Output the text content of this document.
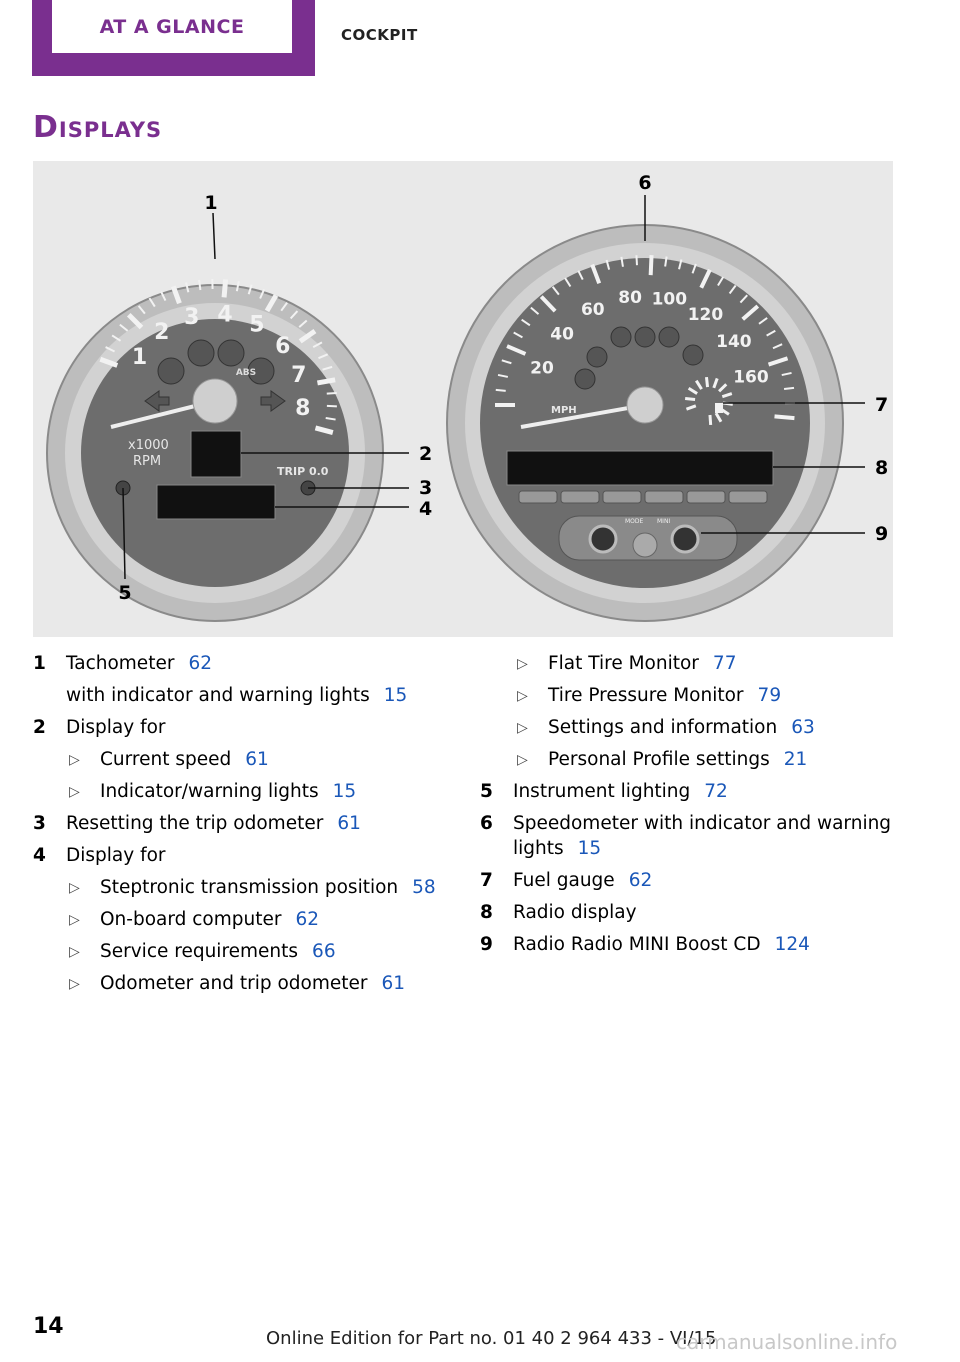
AT A GLANCE	COCKPIT
Displays
1
2
3 4 5
6
7
8
ABS
x1000
RPM
TRIP 0.0
20
40
60
80 100
120
140
160
MPH
MODE MINI
1
2
3
4
5
6
7
8
9
1 Tachometer 62
with indicator and warning lights 15
2 Display for
▷ Current speed 61
▷ Indicator/warning lights 15
3 Resetting the trip odometer 61
4 Display for
▷ Steptronic transmission position 58
▷ On-board computer 62
▷ Service requirements 66
▷ Odometer and trip odometer 61
▷ Flat Tire Monitor 77
▷ Tire Pressure Monitor 79
▷ Settings and information 63
▷ Personal Profile settings 21
5 Instrument lighting 72
6 Speedometer with indicator and warning lights 15
7 Fuel gauge 62
8 Radio display
9 Radio Radio MINI Boost CD 124
14	Online Edition for Part no. 01 40 2 964 433 - VI/15
carmanualsonline.info
